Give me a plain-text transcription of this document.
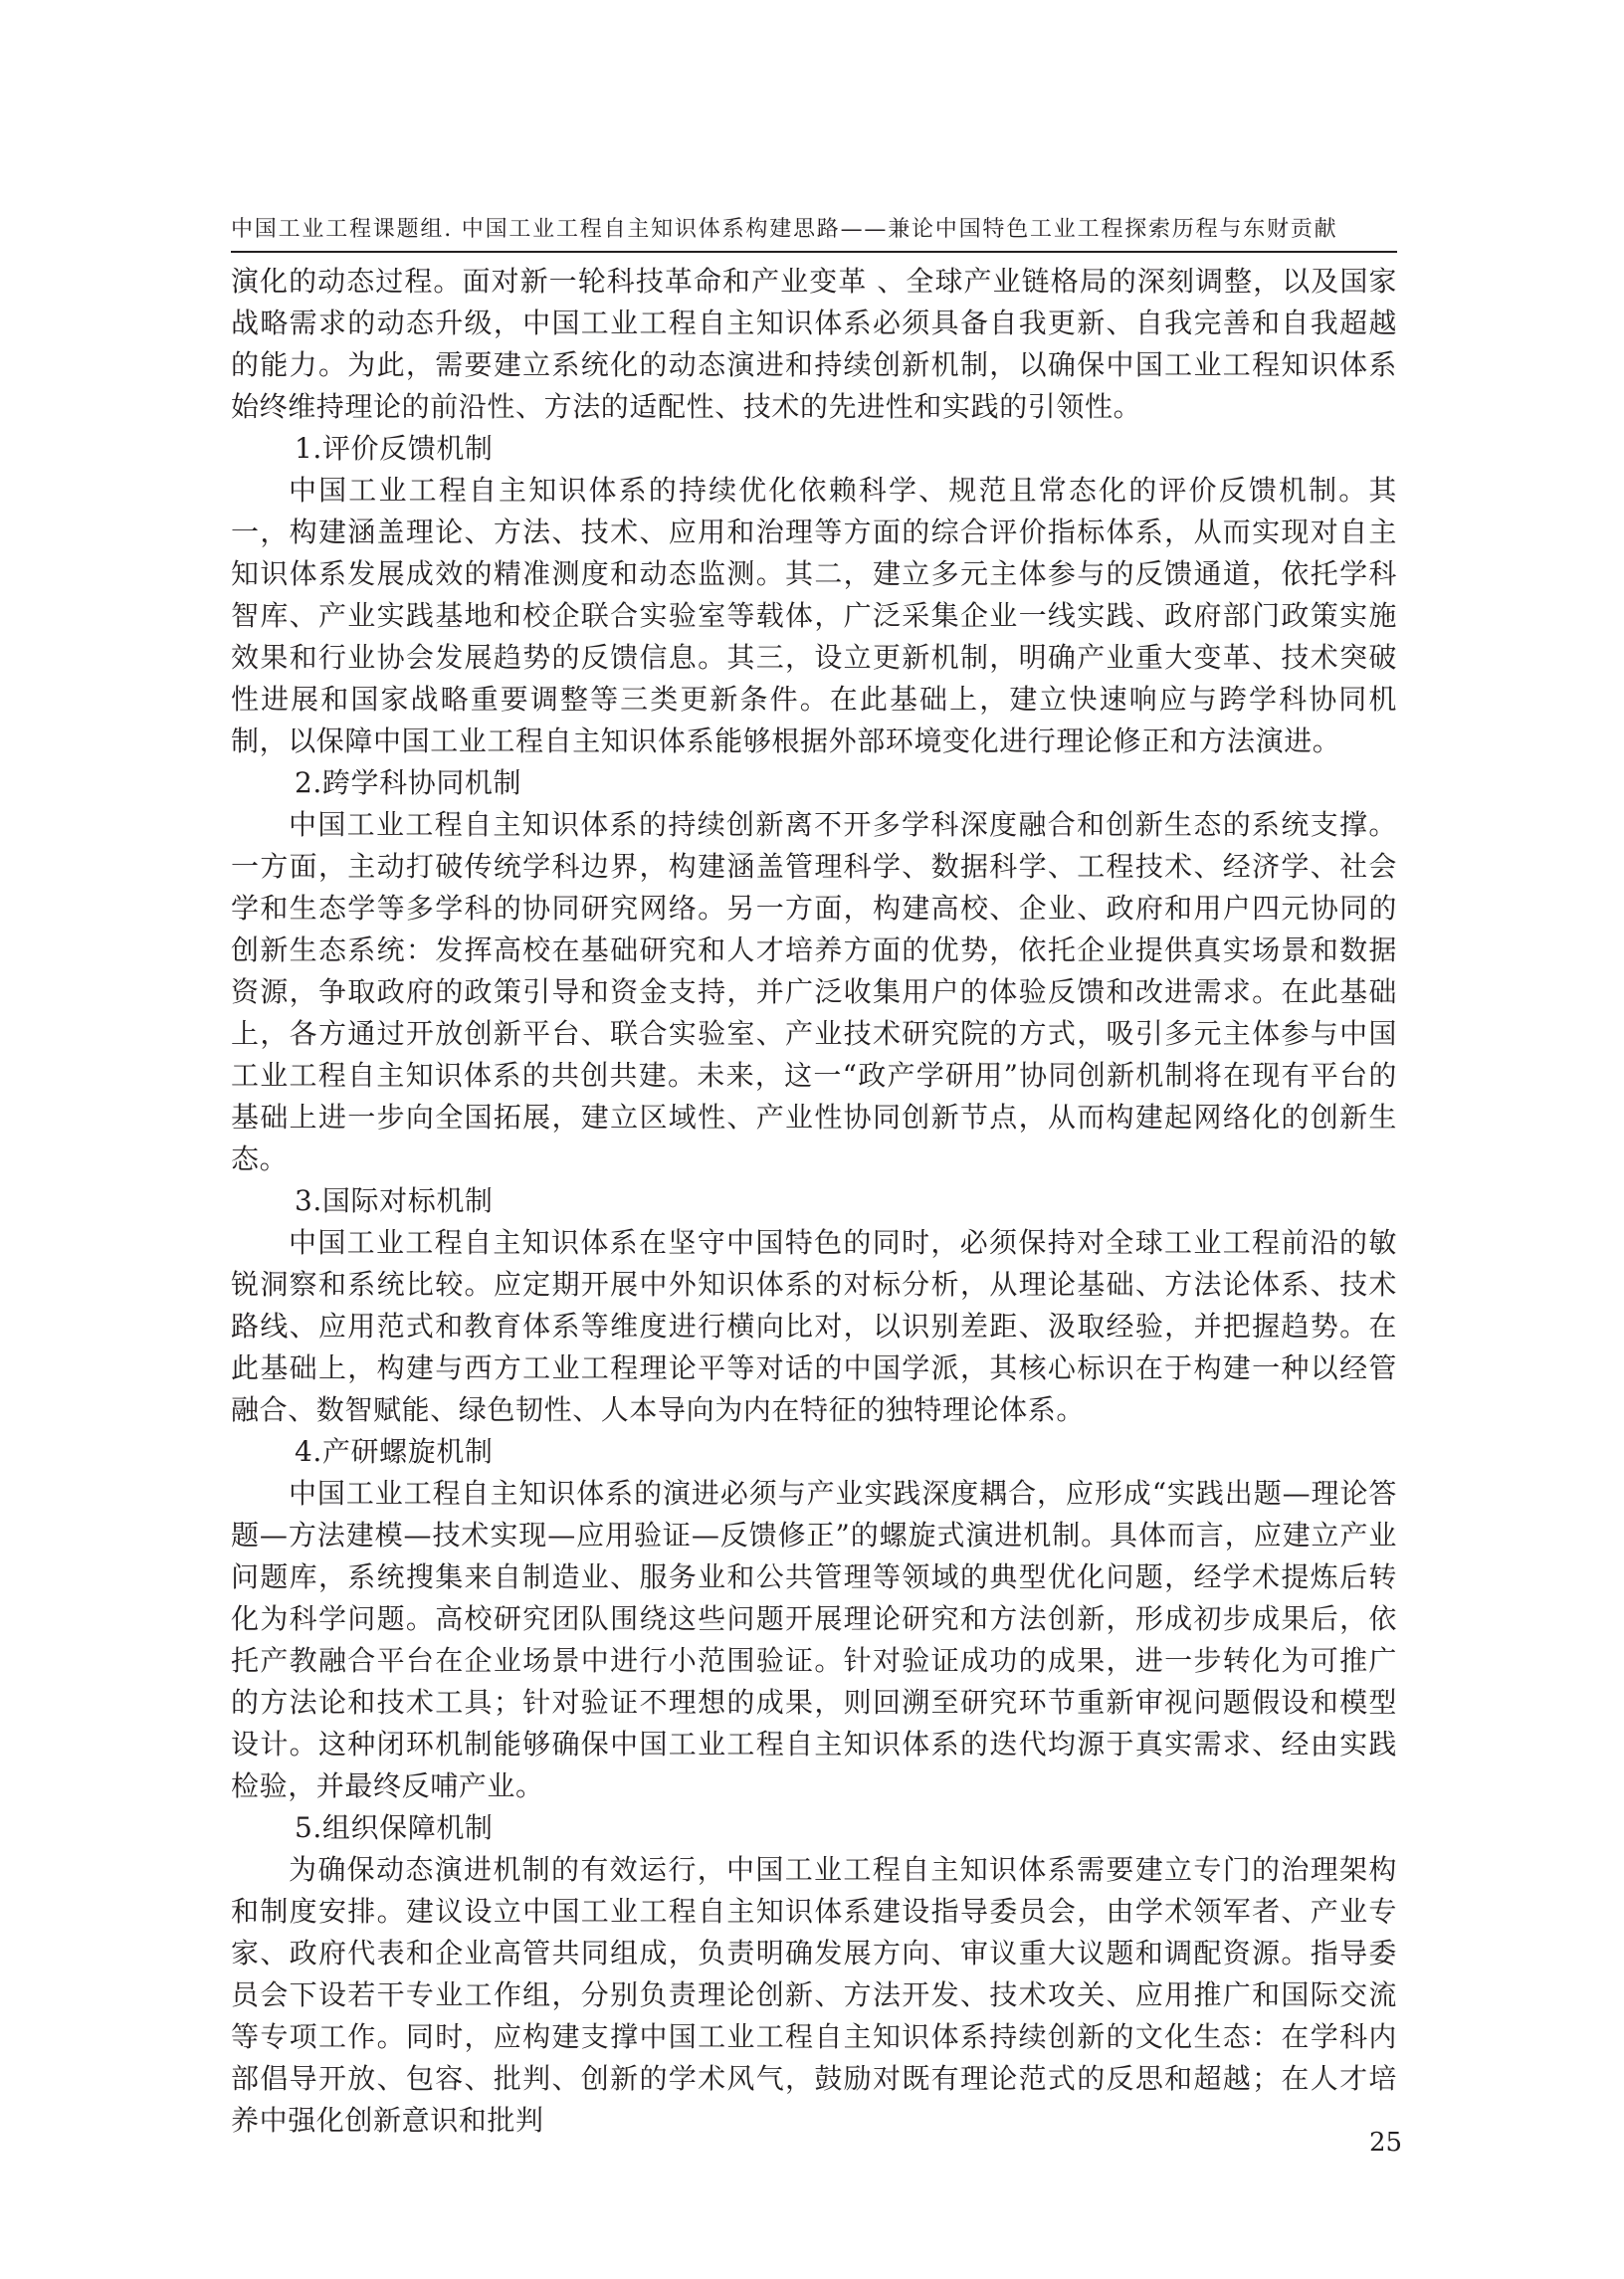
中国工业工程课题组. 中国工业工程自主知识体系构建思路——兼论中国特色工业工程探索历程与东财贡献

演化的动态过程。面对新一轮科技革命和产业变革 、全球产业链格局的深刻调整，以及国家战略需求的动态升级，中国工业工程自主知识体系必须具备自我更新、自我完善和自我超越的能力。为此，需要建立系统化的动态演进和持续创新机制，以确保中国工业工程知识体系始终维持理论的前沿性、方法的适配性、技术的先进性和实践的引领性。

1.评价反馈机制

中国工业工程自主知识体系的持续优化依赖科学、规范且常态化的评价反馈机制。其一，构建涵盖理论、方法、技术、应用和治理等方面的综合评价指标体系，从而实现对自主知识体系发展成效的精准测度和动态监测。其二，建立多元主体参与的反馈通道，依托学科智库、产业实践基地和校企联合实验室等载体，广泛采集企业一线实践、政府部门政策实施效果和行业协会发展趋势的反馈信息。其三，设立更新机制，明确产业重大变革、技术突破性进展和国家战略重要调整等三类更新条件。在此基础上，建立快速响应与跨学科协同机制，以保障中国工业工程自主知识体系能够根据外部环境变化进行理论修正和方法演进。

2.跨学科协同机制

中国工业工程自主知识体系的持续创新离不开多学科深度融合和创新生态的系统支撑。一方面，主动打破传统学科边界，构建涵盖管理科学、数据科学、工程技术、经济学、社会学和生态学等多学科的协同研究网络。另一方面，构建高校、企业、政府和用户四元协同的创新生态系统：发挥高校在基础研究和人才培养方面的优势，依托企业提供真实场景和数据资源，争取政府的政策引导和资金支持，并广泛收集用户的体验反馈和改进需求。在此基础上，各方通过开放创新平台、联合实验室、产业技术研究院的方式，吸引多元主体参与中国工业工程自主知识体系的共创共建。未来，这一“政产学研用”协同创新机制将在现有平台的基础上进一步向全国拓展，建立区域性、产业性协同创新节点，从而构建起网络化的创新生态。

3.国际对标机制

中国工业工程自主知识体系在坚守中国特色的同时，必须保持对全球工业工程前沿的敏锐洞察和系统比较。应定期开展中外知识体系的对标分析，从理论基础、方法论体系、技术路线、应用范式和教育体系等维度进行横向比对，以识别差距、汲取经验，并把握趋势。在此基础上，构建与西方工业工程理论平等对话的中国学派，其核心标识在于构建一种以经管融合、数智赋能、绿色韧性、人本导向为内在特征的独特理论体系。

4.产研螺旋机制

中国工业工程自主知识体系的演进必须与产业实践深度耦合，应形成“实践出题—理论答题—方法建模—技术实现—应用验证—反馈修正”的螺旋式演进机制。具体而言，应建立产业问题库，系统搜集来自制造业、服务业和公共管理等领域的典型优化问题，经学术提炼后转化为科学问题。高校研究团队围绕这些问题开展理论研究和方法创新，形成初步成果后，依托产教融合平台在企业场景中进行小范围验证。针对验证成功的成果，进一步转化为可推广的方法论和技术工具；针对验证不理想的成果，则回溯至研究环节重新审视问题假设和模型设计。这种闭环机制能够确保中国工业工程自主知识体系的迭代均源于真实需求、经由实践检验，并最终反哺产业。

5.组织保障机制

为确保动态演进机制的有效运行，中国工业工程自主知识体系需要建立专门的治理架构和制度安排。建议设立中国工业工程自主知识体系建设指导委员会，由学术领军者、产业专家、政府代表和企业高管共同组成，负责明确发展方向、审议重大议题和调配资源。指导委员会下设若干专业工作组，分别负责理论创新、方法开发、技术攻关、应用推广和国际交流等专项工作。同时，应构建支撑中国工业工程自主知识体系持续创新的文化生态：在学科内部倡导开放、包容、批判、创新的学术风气，鼓励对既有理论范式的反思和超越；在人才培养中强化创新意识和批判

25
